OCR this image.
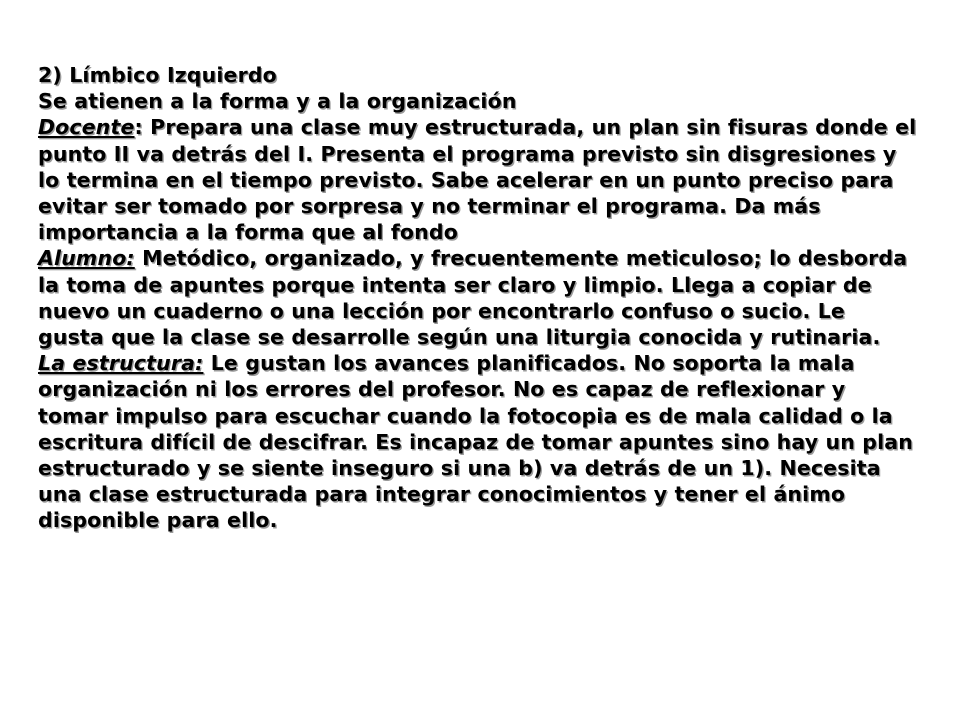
2) Límbico Izquierdo

Se atienen a la forma y a la organización

Docente: Prepara una clase muy estructurada, un plan sin fisuras donde el punto II va detrás del I. Presenta el programa previsto sin disgresiones y lo termina en el tiempo previsto. Sabe acelerar en un punto preciso para evitar ser tomado por sorpresa y no terminar el programa. Da más importancia a la forma que al fondo

Alumno: Metódico, organizado, y frecuentemente meticuloso; lo desborda la toma de apuntes porque intenta ser claro y limpio. Llega a copiar de nuevo un cuaderno o una lección por encontrarlo confuso o sucio. Le gusta que la clase se desarrolle según una liturgia conocida y rutinaria.

La estructura: Le gustan los avances planificados. No soporta la mala organización ni los errores del profesor. No es capaz de reflexionar y tomar impulso para escuchar cuando la fotocopia es de mala calidad o la escritura difícil de descifrar. Es incapaz de tomar apuntes sino hay un plan estructurado y se siente inseguro si una b) va detrás de un 1). Necesita una clase estructurada para integrar conocimientos y tener el ánimo disponible para ello.
